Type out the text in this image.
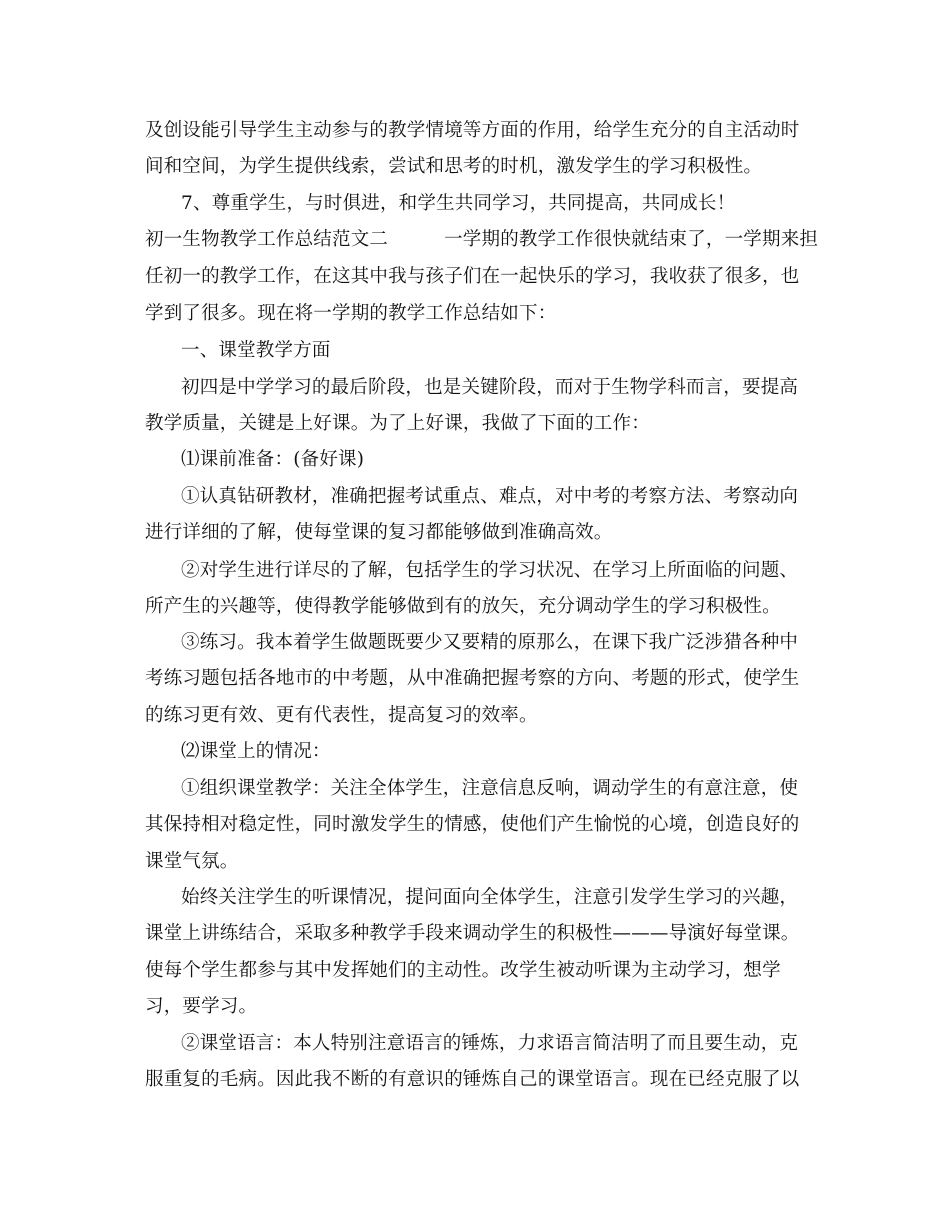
及创设能引导学生主动参与的教学情境等方面的作用，给学生充分的自主活动时
间和空间，为学生提供线索，尝试和思考的时机，激发学生的学习积极性。
7、尊重学生，与时俱进，和学生共同学习，共同提高，共同成长！
初一生物教学工作总结范文二	一学期的教学工作很快就结束了，一学期来担
任初一的教学工作，在这其中我与孩子们在一起快乐的学习，我收获了很多，也
学到了很多。现在将一学期的教学工作总结如下：
一、课堂教学方面
初四是中学学习的最后阶段，也是关键阶段，而对于生物学科而言，要提高
教学质量，关键是上好课。为了上好课，我做了下面的工作：
⑴课前准备：(备好课)
①认真钻研教材，准确把握考试重点、难点，对中考的考察方法、考察动向
进行详细的了解，使每堂课的复习都能够做到准确高效。
②对学生进行详尽的了解，包括学生的学习状况、在学习上所面临的问题、
所产生的兴趣等，使得教学能够做到有的放矢，充分调动学生的学习积极性。
③练习。我本着学生做题既要少又要精的原那么，在课下我广泛涉猎各种中
考练习题包括各地市的中考题，从中准确把握考察的方向、考题的形式，使学生
的练习更有效、更有代表性，提高复习的效率。
⑵课堂上的情况：
①组织课堂教学：关注全体学生，注意信息反响，调动学生的有意注意，使
其保持相对稳定性，同时激发学生的情感，使他们产生愉悦的心境，创造良好的
课堂气氛。
始终关注学生的听课情况，提问面向全体学生，注意引发学生学习的兴趣，
课堂上讲练结合，采取多种教学手段来调动学生的积极性———导演好每堂课。
使每个学生都参与其中发挥她们的主动性。改学生被动听课为主动学习，想学
习，要学习。
②课堂语言：本人特别注意语言的锤炼，力求语言简洁明了而且要生动，克
服重复的毛病。因此我不断的有意识的锤炼自己的课堂语言。现在已经克服了以
